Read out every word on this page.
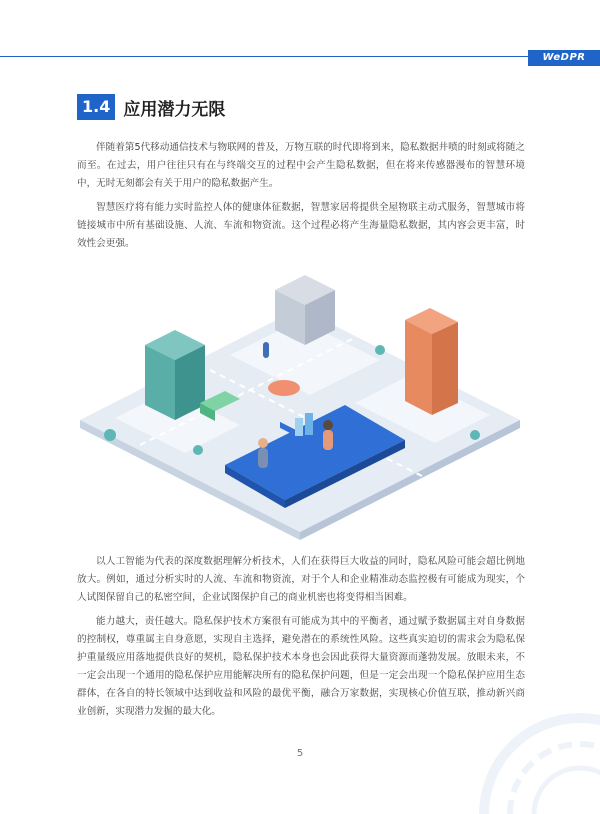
WeDPR
1.4 应用潜力无限

伴随着第5代移动通信技术与物联网的普及，万物互联的时代即将到来，隐私数据井喷的时刻或将随之而至。在过去，用户往往只有在与终端交互的过程中会产生隐私数据，但在将来传感器漫布的智慧环境中，无时无刻都会有关于用户的隐私数据产生。

智慧医疗将有能力实时监控人体的健康体征数据，智慧家居将提供全屋物联主动式服务，智慧城市将链接城市中所有基础设施、人流、车流和物资流。这个过程必将产生海量隐私数据，其内容会更丰富，时效性会更强。

以人工智能为代表的深度数据理解分析技术，人们在获得巨大收益的同时，隐私风险可能会超比例地放大。例如，通过分析实时的人流、车流和物资流，对于个人和企业精准动态监控极有可能成为现实，个人试图保留自己的私密空间，企业试图保护自己的商业机密也将变得相当困难。

能力越大，责任越大。隐私保护技术方案很有可能成为其中的平衡者，通过赋予数据属主对自身数据的控制权，尊重属主自身意愿，实现自主选择，避免潜在的系统性风险。这些真实迫切的需求会为隐私保护重量级应用落地提供良好的契机，隐私保护技术本身也会因此获得大量资源而蓬勃发展。放眼未来，不一定会出现一个通用的隐私保护应用能解决所有的隐私保护问题，但是一定会出现一个隐私保护应用生态群体，在各自的特长领域中达到收益和风险的最优平衡，融合万家数据，实现核心价值互联，推动新兴商业创新，实现潜力发掘的最大化。

5
